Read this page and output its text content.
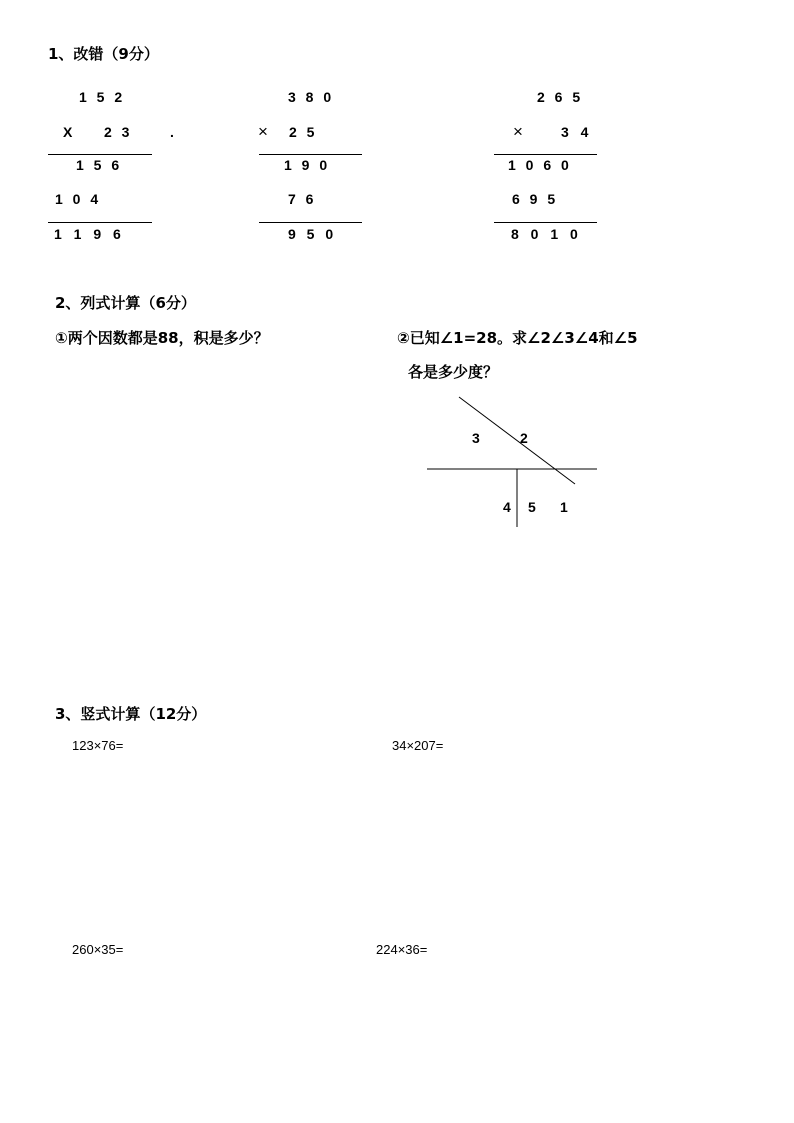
1、改错（9分）
1 5 2
X 2 3	.
1 5 6
1 0 4
1 1 9 6
3 8 0
× 2 5
1 9 0
7 6
9 5 0
2 6 5
×	3 4
1 0 6 0
6 9 5
8 0 1 0
2、列式计算（6分）
①两个因数都是88，积是多少？	②已知∠1=28。求∠2∠3∠4和∠5
各是多少度？
3	2
4 5 1
3、竖式计算（12分）
123×76=	34×207=
260×35=	224×36=
